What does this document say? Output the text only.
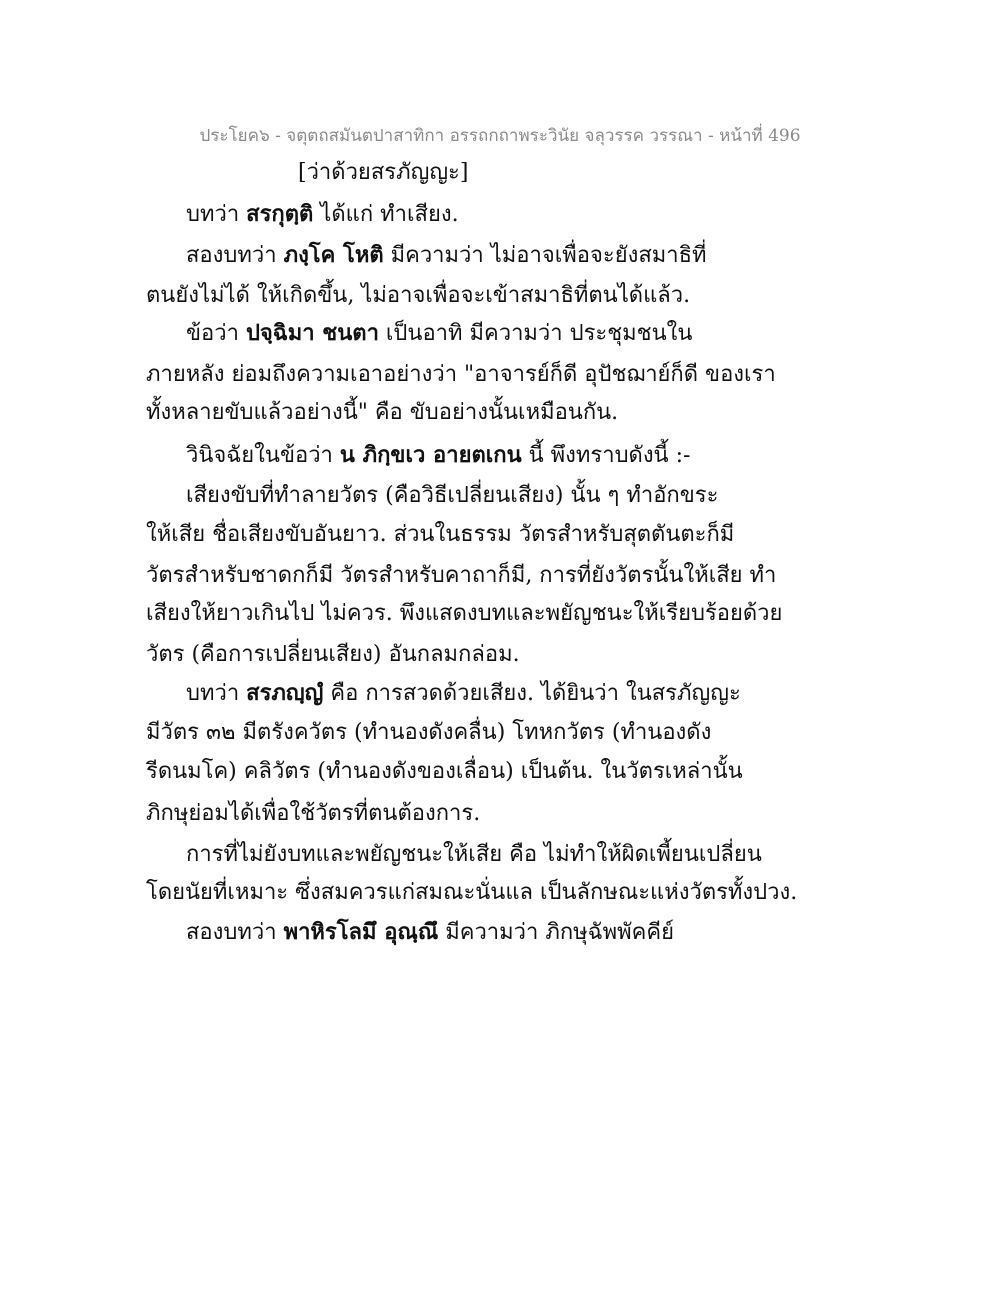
ประโยค๖ - จตุตถสมันตปาสาทิกา อรรถกถาพระวินัย จลุวรรค วรรณา - หน้าที่ 496
[ว่าด้วยสรภัญญะ]
บทว่า สรกุตฺติ ได้แก่ ทำเสียง.
สองบทว่า ภงฺโค โหติ มีความว่า ไม่อาจเพื่อจะยังสมาธิที่
ตนยังไม่ได้ ให้เกิดขึ้น, ไม่อาจเพื่อจะเข้าสมาธิที่ตนได้แล้ว.
ข้อว่า ปจฺฉิมา ชนตา เป็นอาทิ มีความว่า ประชุมชนใน
ภายหลัง ย่อมถึงความเอาอย่างว่า "อาจารย์ก็ดี อุปัชฌาย์ก็ดี ของเรา
ทั้งหลายขับแล้วอย่างนี้" คือ ขับอย่างนั้นเหมือนกัน.
วินิจฉัยในข้อว่า น ภิกฺขเว อายตเกน นี้ พึงทราบดังนี้ :-
เสียงขับที่ทำลายวัตร (คือวิธีเปลี่ยนเสียง) นั้น ๆ ทำอักขระ
ให้เสีย ชื่อเสียงขับอันยาว. ส่วนในธรรม วัตรสำหรับสุตตันตะก็มี
วัตรสำหรับชาดกก็มี วัตรสำหรับคาถาก็มี, การที่ยังวัตรนั้นให้เสีย ทำ
เสียงให้ยาวเกินไป ไม่ควร. พึงแสดงบทและพยัญชนะให้เรียบร้อยด้วย
วัตร (คือการเปลี่ยนเสียง) อันกลมกล่อม.
บทว่า สรภญฺญํ คือ การสวดด้วยเสียง. ได้ยินว่า ในสรภัญญะ
มีวัตร ๓๒ มีตรังควัตร (ทำนองดังคลื่น) โทหกวัตร (ทำนองดัง
รีดนมโค) คลิวัตร (ทำนองดังของเลื่อน) เป็นต้น. ในวัตรเหล่านั้น
ภิกษุย่อมได้เพื่อใช้วัตรที่ตนต้องการ.
การที่ไม่ยังบทและพยัญชนะให้เสีย คือ ไม่ทำให้ผิดเพี้ยนเปลี่ยน
โดยนัยที่เหมาะ ซึ่งสมควรแก่สมณะนั่นแล เป็นลักษณะแห่งวัตรทั้งปวง.
สองบทว่า พาหิรโลมึ อุณฺณึ มีความว่า ภิกษุฉัพพัคคีย์
